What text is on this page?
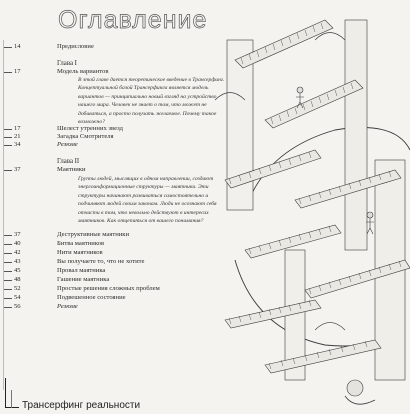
Оглавление
14	Предисловие
Глава I
17	Модель вариантов
В этой главе дается теоретическое введение в Трансерфинг. Концептуальной базой Трансерфинга является модель вариантов — принципиально новый взгляд на устройство нашего мира. Человек не знает о том, что может не добиваться, а просто получать желаемое. Почему такое возможно?
17	Шелест утренних звезд
21	Загадка Смотрителя
34	Резюме
Глава II
37	Маятники
Группы людей, мыслящих в одном направлении, создают энергоинформационные структуры — маятники. Эти структуры начинают развиваться самостоятельно и подчиняют людей своим законам. Люди не осознают себя отчасти в том, что невольно действуют в интересах маятников. Как отцепиться от вашего понимания?
37	Деструктивные маятники
40	Битва маятников
42	Нити маятников
43	Вы получаете то, что не хотите
45	Провал маятника
48	Гашение маятника
52	Простые решения сложных проблем
54	Подвешенное состояние
56	Резюме
Трансерфинг реальности
